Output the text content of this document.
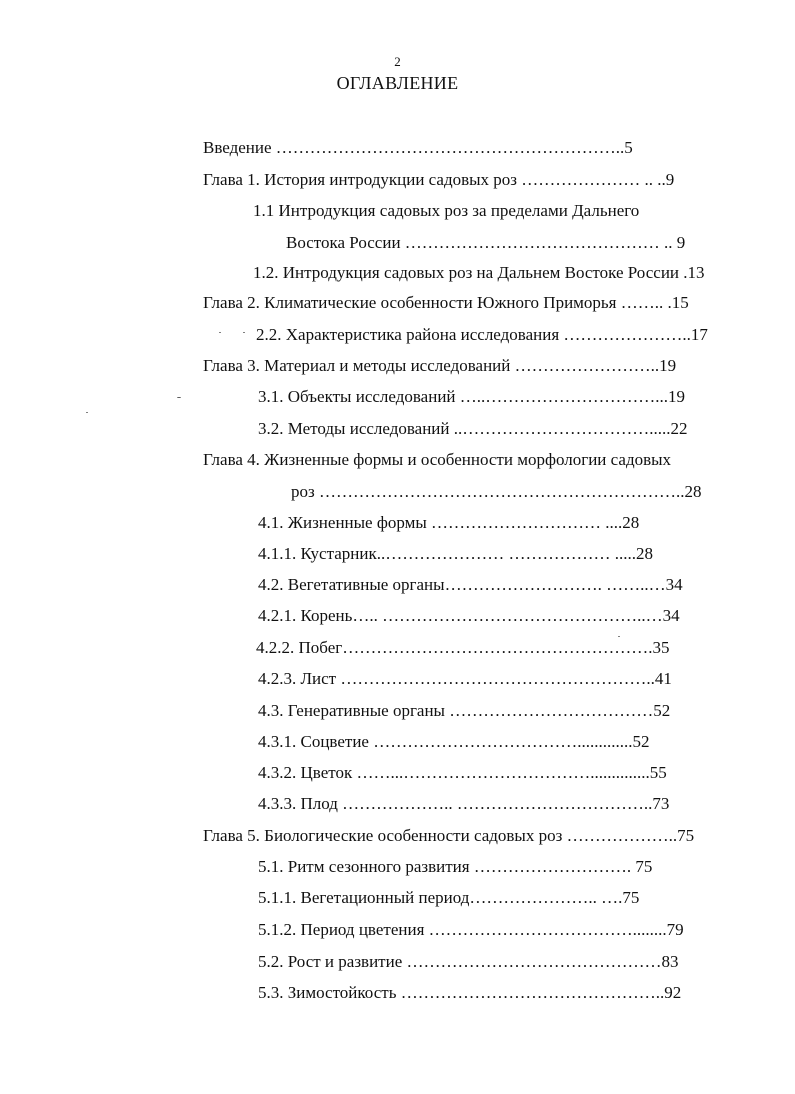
2
ОГЛАВЛЕНИЕ
Введение ……………………………………………………..5
Глава 1. История интродукции садовых роз ………………… .. ..9
1.1 Интродукция садовых роз за пределами Дальнего
Востока России ……………………………………… .. 9
1.2. Интродукция садовых роз на Дальнем Востоке России .13
Глава 2. Климатические особенности Южного Приморья …….. .15
2.2. Характеристика района исследования …………………..17
Глава 3. Материал и методы исследований ……………………..19
3.1. Объекты исследований …..…………………………...19
3.2. Методы исследований ..…………………………….....22
Глава 4. Жизненные формы и особенности морфологии садовых
роз ………………………………………………………..28
4.1. Жизненные формы ………………………… ....28
4.1.1. Кустарник..………………… ……………… .....28
4.2. Вегетативные органы………………………. ……..…34
4.2.1. Корень….. ………………………………………..…34
4.2.2. Побег……………………………………………….35
4.2.3. Лист ………………………………………………..41
4.3. Генеративные органы ………………………………52
4.3.1. Соцветие ……………………………….............52
4.3.2. Цветок ……...……………………………..............55
4.3.3. Плод ……………….. ……………………………..73
Глава 5. Биологические особенности садовых роз ………………..75
5.1. Ритм сезонного развития ………………………. 75
5.1.1. Вегетационный период………………….. ….75
5.1.2. Период цветения ………………………………........79
5.2. Рост и развитие ………………………………………83
5.3. Зимостойкость ………………………………………..92
